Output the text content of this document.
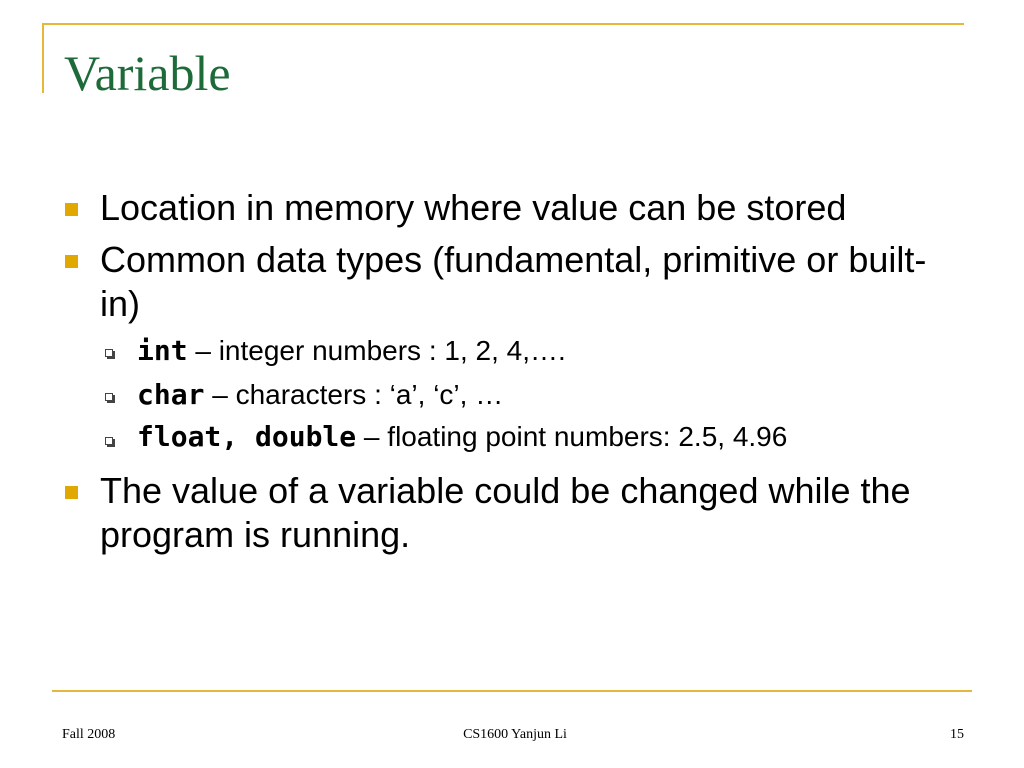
Variable
Location in memory where value can be stored
Common data types (fundamental, primitive or built-in)
int – integer numbers : 1, 2, 4,….
char – characters : ‘a’, ‘c’, …
float, double – floating point numbers: 2.5, 4.96
The value of a variable could be changed while the program is running.
Fall 2008	CS1600 Yanjun Li	15
